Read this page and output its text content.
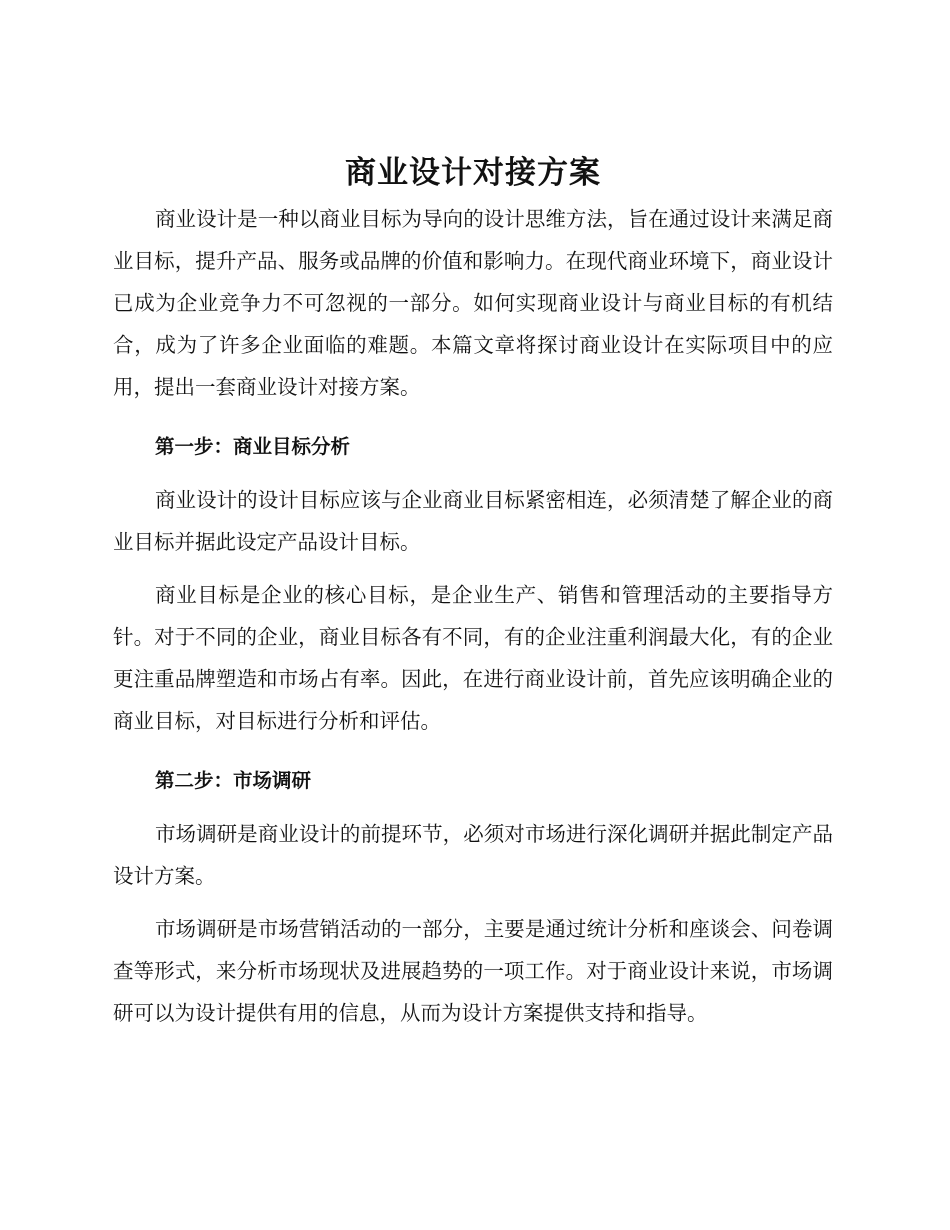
商业设计对接方案

商业设计是一种以商业目标为导向的设计思维方法，旨在通过设计来满足商业目标，提升产品、服务或品牌的价值和影响力。在现代商业环境下，商业设计已成为企业竞争力不可忽视的一部分。如何实现商业设计与商业目标的有机结合，成为了许多企业面临的难题。本篇文章将探讨商业设计在实际项目中的应用，提出一套商业设计对接方案。

第一步：商业目标分析

商业设计的设计目标应该与企业商业目标紧密相连，必须清楚了解企业的商业目标并据此设定产品设计目标。

商业目标是企业的核心目标，是企业生产、销售和管理活动的主要指导方针。对于不同的企业，商业目标各有不同，有的企业注重利润最大化，有的企业更注重品牌塑造和市场占有率。因此，在进行商业设计前，首先应该明确企业的商业目标，对目标进行分析和评估。

第二步：市场调研

市场调研是商业设计的前提环节，必须对市场进行深化调研并据此制定产品设计方案。

市场调研是市场营销活动的一部分，主要是通过统计分析和座谈会、问卷调查等形式，来分析市场现状及进展趋势的一项工作。对于商业设计来说，市场调研可以为设计提供有用的信息，从而为设计方案提供支持和指导。
